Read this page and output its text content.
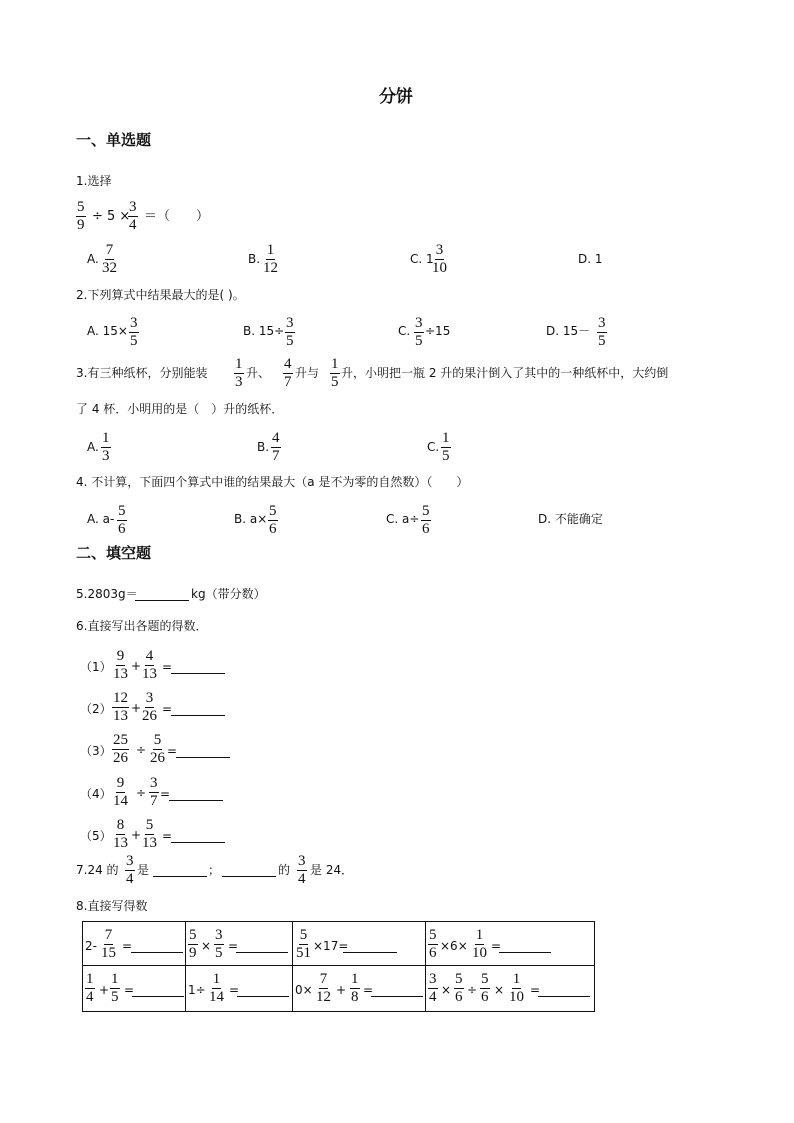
分饼
一、单选题
1.选择
$\frac{5}{9} \div 5$ ×
$\frac{3}{4}$ ＝（　　）
A. $\frac{7}{32}$	B. $\frac{1}{12}$	C. 1
$\frac{3}{10}$	D. 1
2.下列算式中结果最大的是( )。
A. $15\times \frac{3}{5}$	B. $15\div \frac{3}{5}$	C. $\frac{3}{5} \div 15$	D. $15- \frac{3}{5}$
3.有三种纸杯，分别能装 $\frac{1}{3}$ 升、 $\frac{4}{7}$ 升与 $\frac{1}{5}$ 升，小明把一瓶 2 升的果汁倒入了其中的一种纸杯中，大约倒
了 4 杯．小明用的是（　）升的纸杯．
A. $\frac{1}{3}$	B. $\frac{4}{7}$	C. $\frac{1}{5}$
4. 不计算，下面四个算式中谁的结果最大（a 是不为零的自然数）（　　）
A. $a- \frac{5}{6}$	B. $a\times \frac{5}{6}$	C. $a\div \frac{5}{6}$	D. 不能确定
二、填空题
5.2803g＝	kg（带分数）
6.直接写出各题的得数．
$(1) \frac{9}{13} + \frac{4}{13}$ =
$(2) \frac{12}{13} + \frac{3}{26}$ =
$(3) \frac{25}{26} \div \frac{5}{26}$ =
$(4) \frac{9}{14} \div \frac{3}{7}$ =
$(5) \frac{8}{13} + \frac{5}{13}$ =
7.24 的 $\frac{3}{4}$ 是	；	的 $\frac{3}{4}$ 是 24．
8.直接写得数
$2- \frac{7}{15}$ =	$\frac{5}{9} \times \frac{3}{5}$ =	$\frac{5}{51} \times 17=$	$\frac{5}{6} \times 6\times \frac{1}{10}$ =
$\frac{1}{4} + \frac{1}{5}$ =	$1\div \frac{1}{14}$ =	$0\times \frac{7}{12} + \frac{1}{8}$ =	$\frac{3}{4} \times \frac{5}{6} \div \frac{5}{6} \times \frac{1}{10}$ =
